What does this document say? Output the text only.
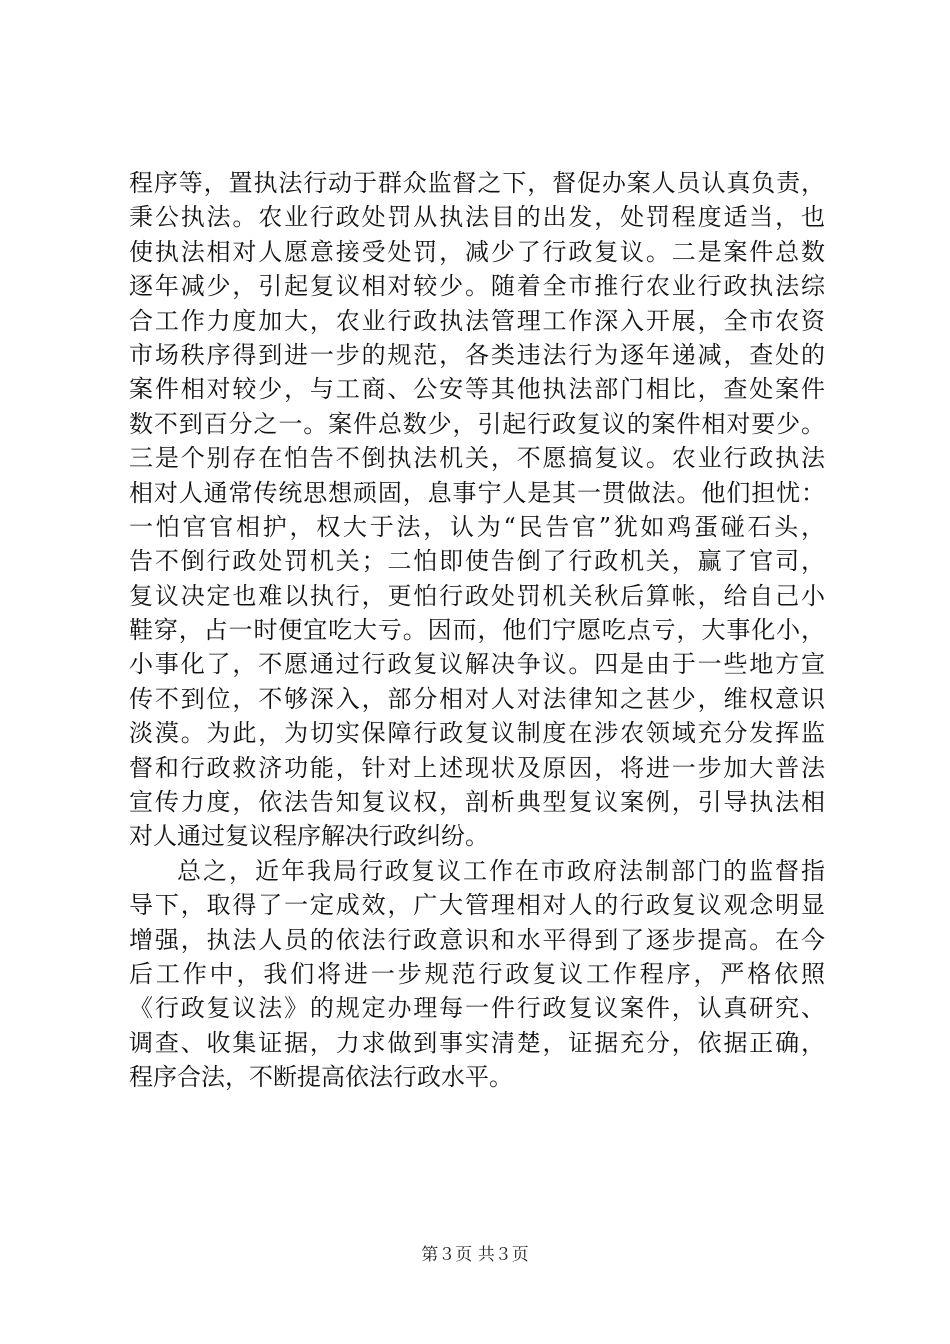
程序等，置执法行动于群众监督之下，督促办案人员认真负责，
秉公执法。农业行政处罚从执法目的出发，处罚程度适当，也
使执法相对人愿意接受处罚，减少了行政复议。二是案件总数
逐年减少，引起复议相对较少。随着全市推行农业行政执法综
合工作力度加大，农业行政执法管理工作深入开展，全市农资
市场秩序得到进一步的规范，各类违法行为逐年递减，查处的
案件相对较少，与工商、公安等其他执法部门相比，查处案件
数不到百分之一。案件总数少，引起行政复议的案件相对要少。
三是个别存在怕告不倒执法机关，不愿搞复议。农业行政执法
相对人通常传统思想顽固，息事宁人是其一贯做法。他们担忧：
一怕官官相护，权大于法，认为“民告官”犹如鸡蛋碰石头，
告不倒行政处罚机关；二怕即使告倒了行政机关，赢了官司，
复议决定也难以执行，更怕行政处罚机关秋后算帐，给自己小
鞋穿，占一时便宜吃大亏。因而，他们宁愿吃点亏，大事化小，
小事化了，不愿通过行政复议解决争议。四是由于一些地方宣
传不到位，不够深入，部分相对人对法律知之甚少，维权意识
淡漠。为此，为切实保障行政复议制度在涉农领域充分发挥监
督和行政救济功能，针对上述现状及原因，将进一步加大普法
宣传力度，依法告知复议权，剖析典型复议案例，引导执法相
对人通过复议程序解决行政纠纷。
总之，近年我局行政复议工作在市政府法制部门的监督指
导下，取得了一定成效，广大管理相对人的行政复议观念明显
增强，执法人员的依法行政意识和水平得到了逐步提高。在今
后工作中，我们将进一步规范行政复议工作程序，严格依照
《行政复议法》的规定办理每一件行政复议案件，认真研究、
调查、收集证据，力求做到事实清楚，证据充分，依据正确，
程序合法，不断提高依法行政水平。
第３页 共３页
